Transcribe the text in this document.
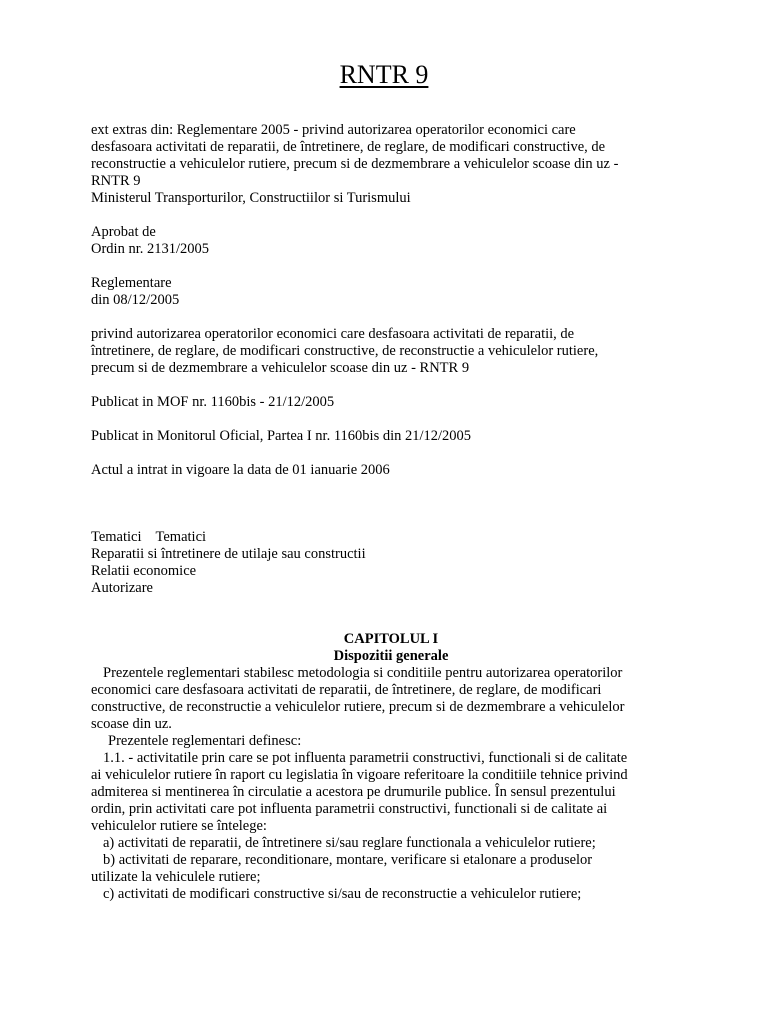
RNTR 9

ext extras din: Reglementare 2005 - privind autorizarea operatorilor economici care

desfasoara activitati de reparatii, de întretinere, de reglare, de modificari constructive, de

reconstructie a vehiculelor rutiere, precum si de dezmembrare a vehiculelor scoase din uz -

RNTR 9

Ministerul Transporturilor, Constructiilor si Turismului

Aprobat de

Ordin nr. 2131/2005

Reglementare

din 08/12/2005

privind autorizarea operatorilor economici care desfasoara activitati de reparatii, de

întretinere, de reglare, de modificari constructive, de reconstructie a vehiculelor rutiere,

precum si de dezmembrare a vehiculelor scoase din uz - RNTR 9

Publicat in MOF nr. 1160bis - 21/12/2005

Publicat in Monitorul Oficial, Partea I nr. 1160bis din 21/12/2005

Actul a intrat in vigoare la data de 01 ianuarie 2006

Tematici Tematici

Reparatii si întretinere de utilaje sau constructii

Relatii economice

Autorizare

CAPITOLUL I

Dispozitii generale

Prezentele reglementari stabilesc metodologia si conditiile pentru autorizarea operatorilor

economici care desfasoara activitati de reparatii, de întretinere, de reglare, de modificari

constructive, de reconstructie a vehiculelor rutiere, precum si de dezmembrare a vehiculelor

scoase din uz.

Prezentele reglementari definesc:

1.1. - activitatile prin care se pot influenta parametrii constructivi, functionali si de calitate

ai vehiculelor rutiere în raport cu legislatia în vigoare referitoare la conditiile tehnice privind

admiterea si mentinerea în circulatie a acestora pe drumurile publice. În sensul prezentului

ordin, prin activitati care pot influenta parametrii constructivi, functionali si de calitate ai

vehiculelor rutiere se întelege:

a) activitati de reparatii, de întretinere si/sau reglare functionala a vehiculelor rutiere;

b) activitati de reparare, reconditionare, montare, verificare si etalonare a produselor

utilizate la vehiculele rutiere;

c) activitati de modificari constructive si/sau de reconstructie a vehiculelor rutiere;
